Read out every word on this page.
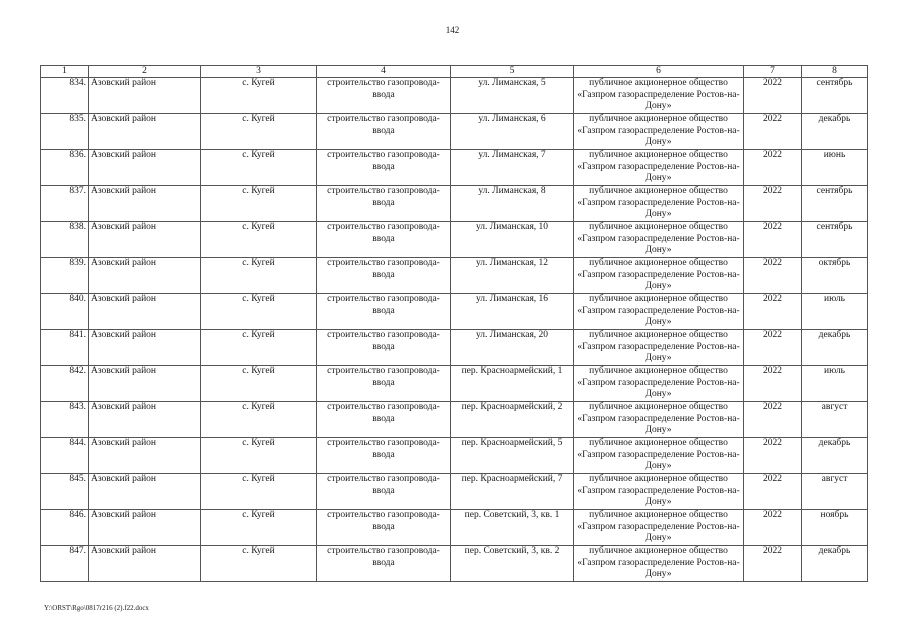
142
1	2	3	4	5	6	7	8
834.	Азовский район	с. Кугей	строительство газопровода-ввода	ул. Лиманская, 5	публичное акционерное общество «Газпром газораспределение Ростов-на-Дону»	2022	сентябрь
835.	Азовский район	с. Кугей	строительство газопровода-ввода	ул. Лиманская, 6	публичное акционерное общество «Газпром газораспределение Ростов-на-Дону»	2022	декабрь
836.	Азовский район	с. Кугей	строительство газопровода-ввода	ул. Лиманская, 7	публичное акционерное общество «Газпром газораспределение Ростов-на-Дону»	2022	июнь
837.	Азовский район	с. Кугей	строительство газопровода-ввода	ул. Лиманская, 8	публичное акционерное общество «Газпром газораспределение Ростов-на-Дону»	2022	сентябрь
838.	Азовский район	с. Кугей	строительство газопровода-ввода	ул. Лиманская, 10	публичное акционерное общество «Газпром газораспределение Ростов-на-Дону»	2022	сентябрь
839.	Азовский район	с. Кугей	строительство газопровода-ввода	ул. Лиманская, 12	публичное акционерное общество «Газпром газораспределение Ростов-на-Дону»	2022	октябрь
840.	Азовский район	с. Кугей	строительство газопровода-ввода	ул. Лиманская, 16	публичное акционерное общество «Газпром газораспределение Ростов-на-Дону»	2022	июль
841.	Азовский район	с. Кугей	строительство газопровода-ввода	ул. Лиманская, 20	публичное акционерное общество «Газпром газораспределение Ростов-на-Дону»	2022	декабрь
842.	Азовский район	с. Кугей	строительство газопровода-ввода	пер. Красноармейский, 1	публичное акционерное общество «Газпром газораспределение Ростов-на-Дону»	2022	июль
843.	Азовский район	с. Кугей	строительство газопровода-ввода	пер. Красноармейский, 2	публичное акционерное общество «Газпром газораспределение Ростов-на-Дону»	2022	август
844.	Азовский район	с. Кугей	строительство газопровода-ввода	пер. Красноармейский, 5	публичное акционерное общество «Газпром газораспределение Ростов-на-Дону»	2022	декабрь
845.	Азовский район	с. Кугей	строительство газопровода-ввода	пер. Красноармейский, 7	публичное акционерное общество «Газпром газораспределение Ростов-на-Дону»	2022	август
846.	Азовский район	с. Кугей	строительство газопровода-ввода	пер. Советский, 3, кв. 1	публичное акционерное общество «Газпром газораспределение Ростов-на-Дону»	2022	ноябрь
847.	Азовский район	с. Кугей	строительство газопровода-ввода	пер. Советский, 3, кв. 2	публичное акционерное общество «Газпром газораспределение Ростов-на-Дону»	2022	декабрь
Y:\ORST\Rgo\0817r216 (2).f22.docx
